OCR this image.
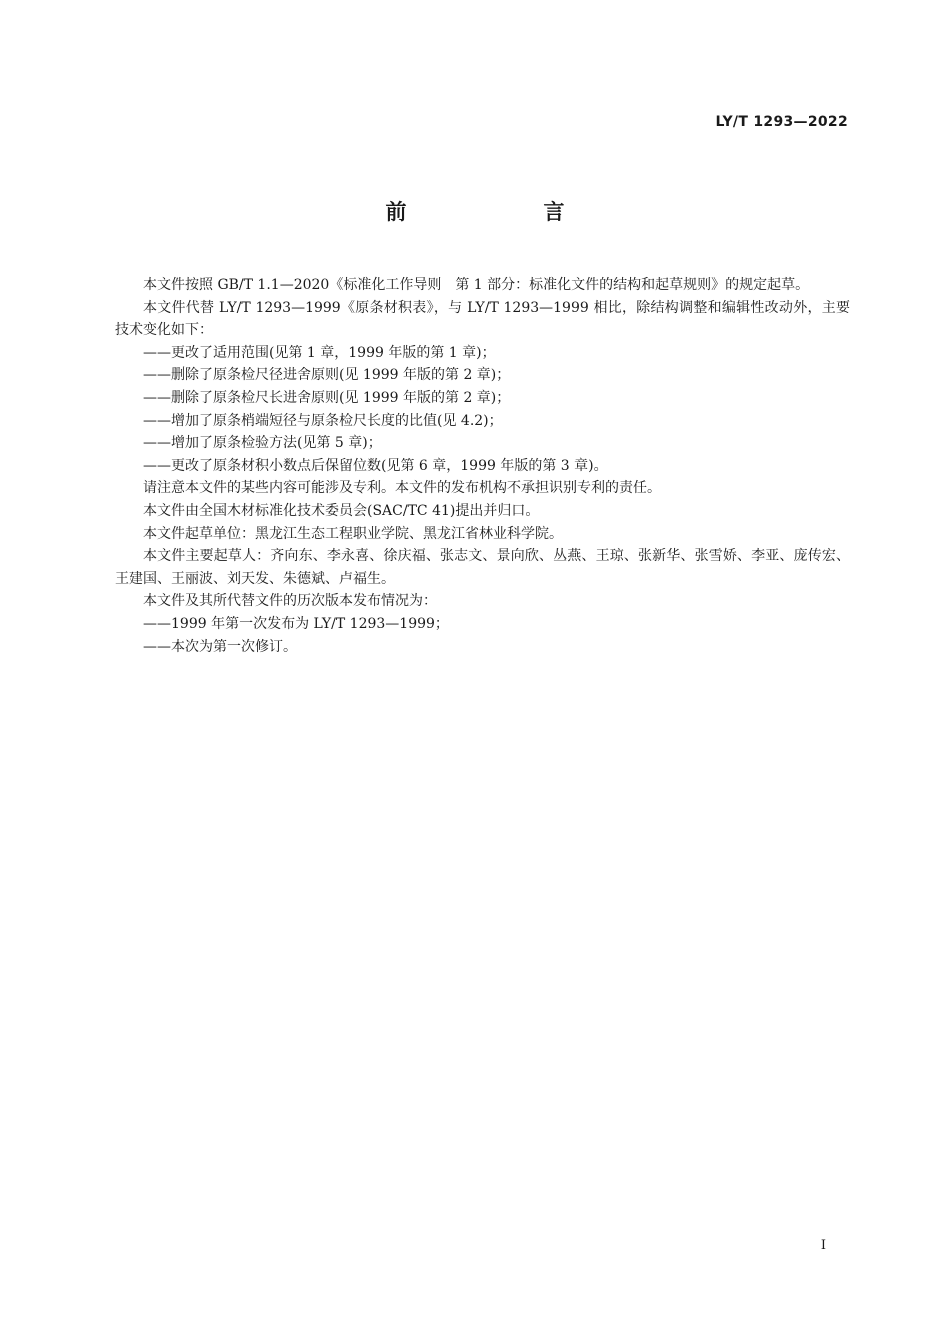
LY/T 1293—2022
前　言

本文件按照 GB/T 1.1—2020《标准化工作导则　第 1 部分：标准化文件的结构和起草规则》的规定起草。

本文件代替 LY/T 1293—1999《原条材积表》，与 LY/T 1293—1999 相比，除结构调整和编辑性改动外，主要技术变化如下：

——更改了适用范围(见第 1 章，1999 年版的第 1 章)；

——删除了原条检尺径进舍原则(见 1999 年版的第 2 章)；

——删除了原条检尺长进舍原则(见 1999 年版的第 2 章)；

——增加了原条梢端短径与原条检尺长度的比值(见 4.2)；

——增加了原条检验方法(见第 5 章)；

——更改了原条材积小数点后保留位数(见第 6 章，1999 年版的第 3 章)。

请注意本文件的某些内容可能涉及专利。本文件的发布机构不承担识别专利的责任。

本文件由全国木材标准化技术委员会(SAC/TC 41)提出并归口。

本文件起草单位：黑龙江生态工程职业学院、黑龙江省林业科学院。

本文件主要起草人：齐向东、李永喜、徐庆福、张志文、景向欣、丛燕、王琼、张新华、张雪娇、李亚、庞传宏、王建国、王丽波、刘天发、朱德斌、卢福生。

本文件及其所代替文件的历次版本发布情况为：

——1999 年第一次发布为 LY/T 1293—1999；

——本次为第一次修订。

I
